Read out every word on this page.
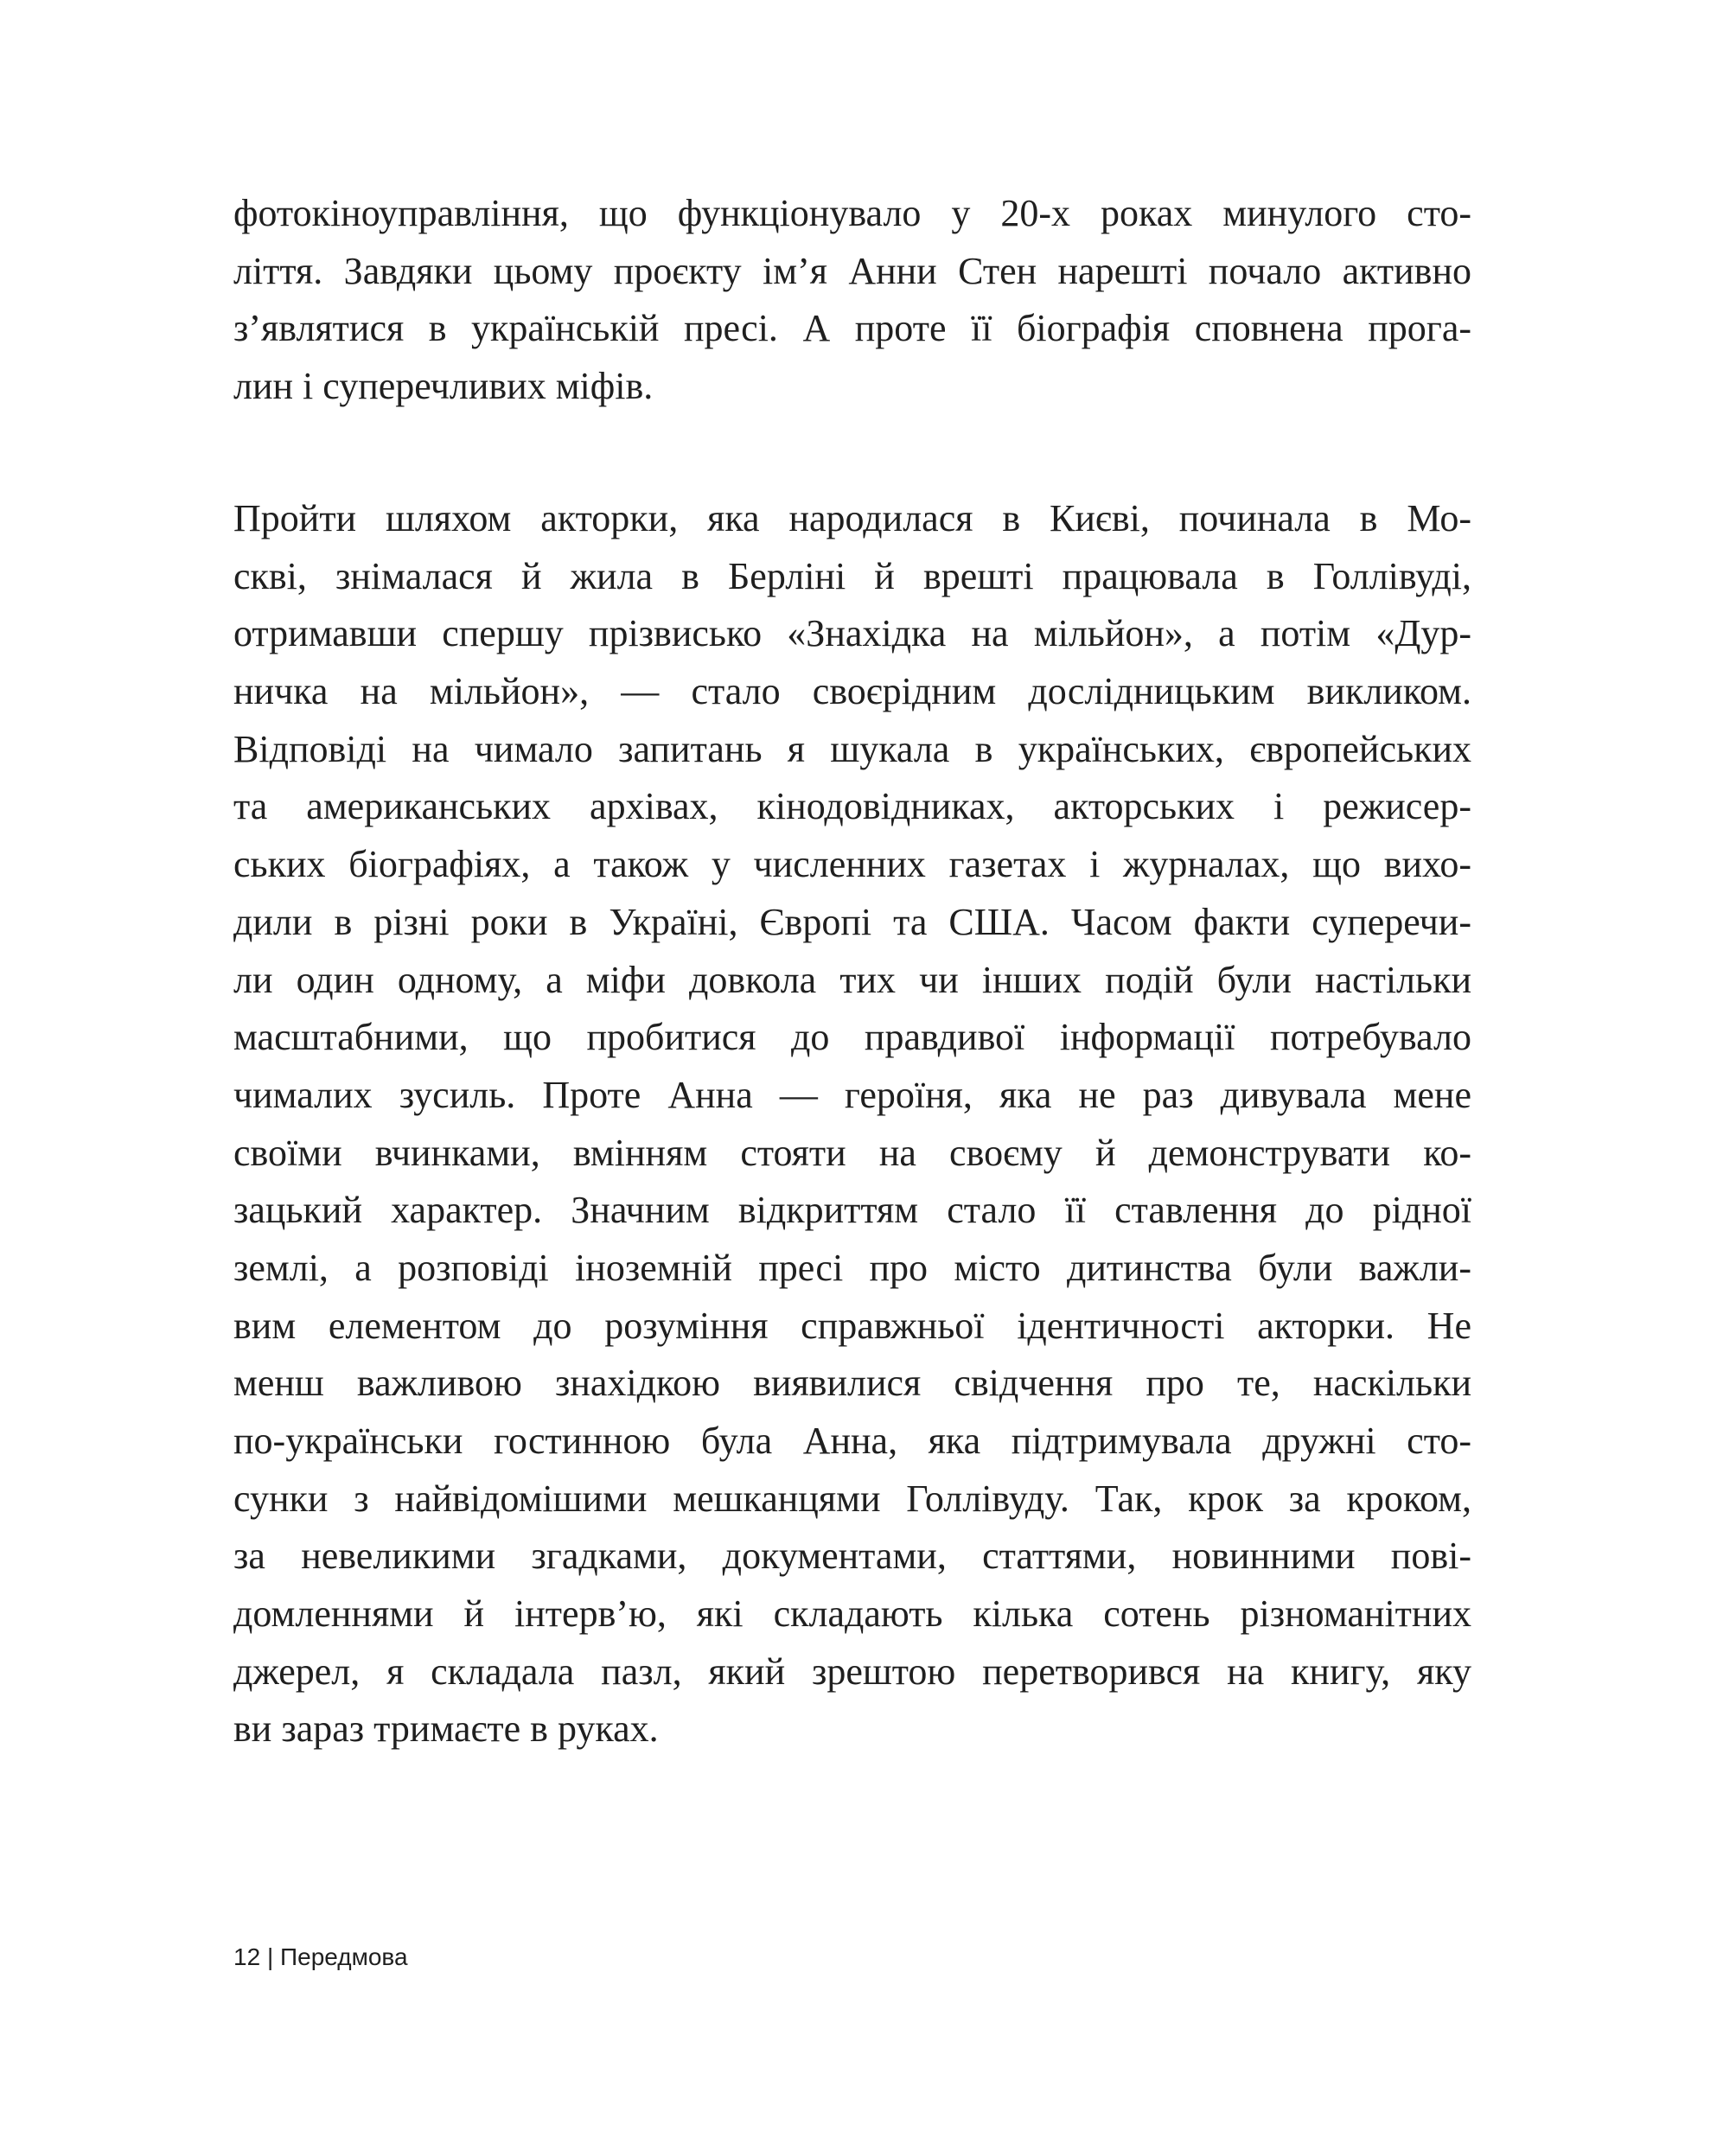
фотокіноуправління, що функціонувало у 20-х роках минулого сто-
ліття. Завдяки цьому проєкту ім’я Анни Стен нарешті почало активно
з’являтися в українській пресі. А проте її біографія сповнена прога-
лин і суперечливих міфів.
Пройти шляхом акторки, яка народилася в Києві, починала в Мо-
скві, знімалася й жила в Берліні й врешті працювала в Голлівуді,
отримавши спершу прізвисько «Знахідка на мільйон», а потім «Дур-
ничка на мільйон», — стало своєрідним дослідницьким викликом.
Відповіді на чимало запитань я шукала в українських, європейських
та американських архівах, кінодовідниках, акторських і режисер-
ських біографіях, а також у численних газетах і журналах, що вихо-
дили в різні роки в Україні, Європі та США. Часом факти суперечи-
ли один одному, а міфи довкола тих чи інших подій були настільки
масштабними, що пробитися до правдивої інформації потребувало
чималих зусиль. Проте Анна — героїня, яка не раз дивувала мене
своїми вчинками, вмінням стояти на своєму й демонструвати ко-
зацький характер. Значним відкриттям стало її ставлення до рідної
землі, а розповіді іноземній пресі про місто дитинства були важли-
вим елементом до розуміння справжньої ідентичності акторки. Не
менш важливою знахідкою виявилися свідчення про те, наскільки
по-українськи гостинною була Анна, яка підтримувала дружні сто-
сунки з найвідомішими мешканцями Голлівуду. Так, крок за кроком,
за невеликими згадками, документами, статтями, новинними пові-
домленнями й інтерв’ю, які складають кілька сотень різноманітних
джерел, я складала пазл, який зрештою перетворився на книгу, яку
ви зараз тримаєте в руках.
12 | Передмова
